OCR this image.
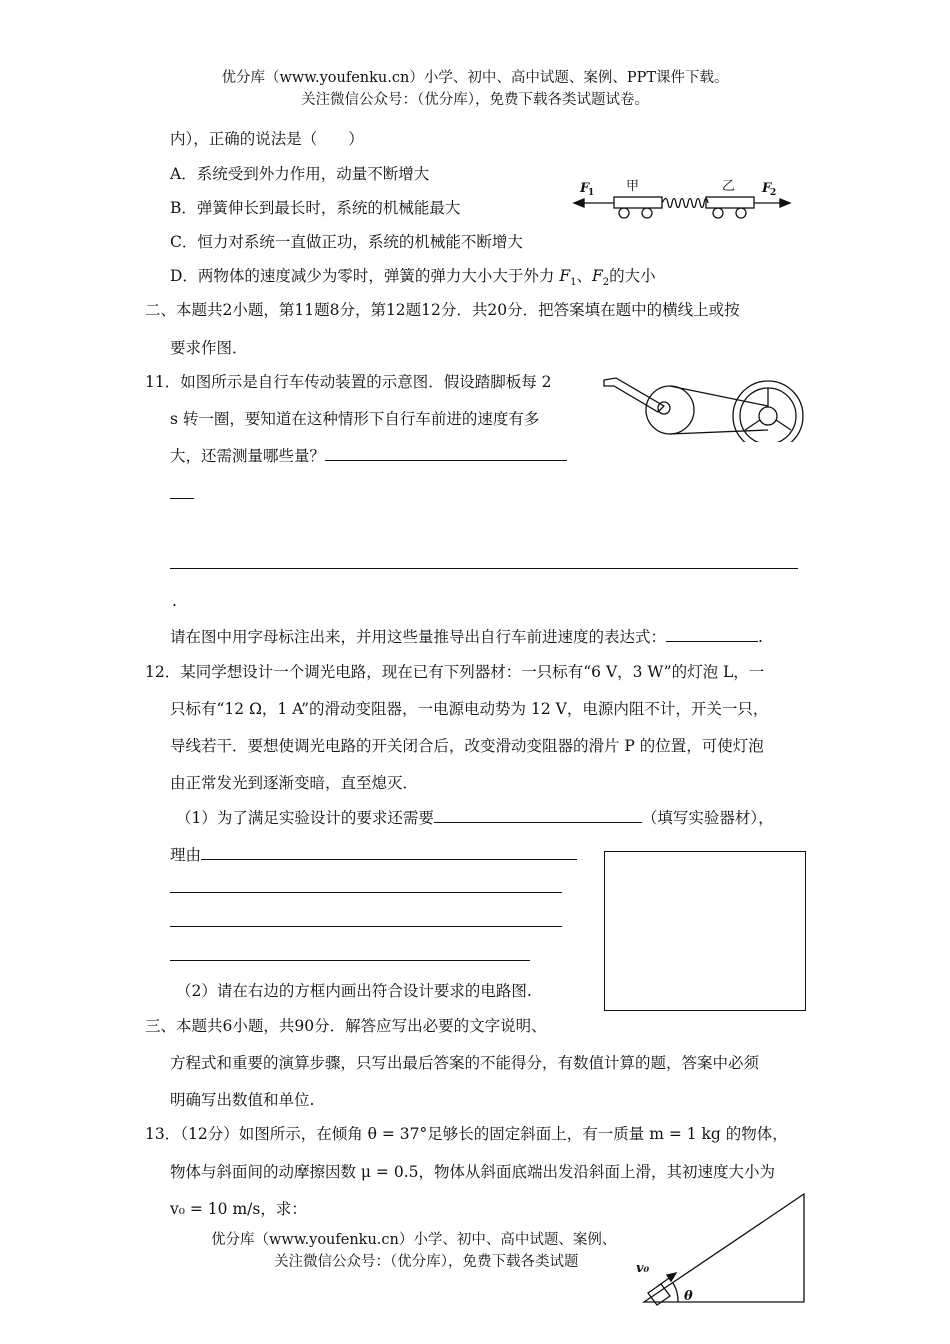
优分库（www.youfenku.cn）小学、初中、高中试题、案例、PPT课件下载。
关注微信公众号：（优分库），免费下载各类试题试卷。
内），正确的说法是（　　）
A．系统受到外力作用，动量不断增大
B．弹簧伸长到最长时，系统的机械能最大
C．恒力对系统一直做正功，系统的机械能不断增大
D．两物体的速度减少为零时，弹簧的弹力大小大于外力 $F_1$、$F_2$的大小
甲	乙
F
1	F
2
二、本题共2小题，第11题8分，第12题12分．共20分．把答案填在题中的横线上或按
要求作图．
11．如图所示是自行车传动装置的示意图．假设踏脚板每 2
s 转一圈，要知道在这种情形下自行车前进的速度有多
大，还需测量哪些量？
.
请在图中用字母标注出来，并用这些量推导出自行车前进速度的表达式：	.
12．某同学想设计一个调光电路，现在已有下列器材：一只标有“6 V，3 W”的灯泡 L，一
只标有“12 Ω，1 A”的滑动变阻器，一电源电动势为 12 V，电源内阻不计，开关一只，
导线若干．要想使调光电路的开关闭合后，改变滑动变阻器的滑片 P 的位置，可使灯泡
由正常发光到逐渐变暗，直至熄灭．
（1）为了满足实验设计的要求还需要	（填写实验器材），
理由
（2）请在右边的方框内画出符合设计要求的电路图.
三、本题共6小题，共90分．解答应写出必要的文字说明、
方程式和重要的演算步骤，只写出最后答案的不能得分，有数值计算的题，答案中必须
明确写出数值和单位.
13．（12分）如图所示，在倾角 θ = 37°足够长的固定斜面上，有一质量 m = 1 kg 的物体，
物体与斜面间的动摩擦因数 μ = 0.5，物体从斜面底端出发沿斜面上滑，其初速度大小为
v₀ = 10 m/s，求：
v₀
θ
优分库（www.youfenku.cn）小学、初中、高中试题、案例、
关注微信公众号：（优分库），免费下载各类试题
